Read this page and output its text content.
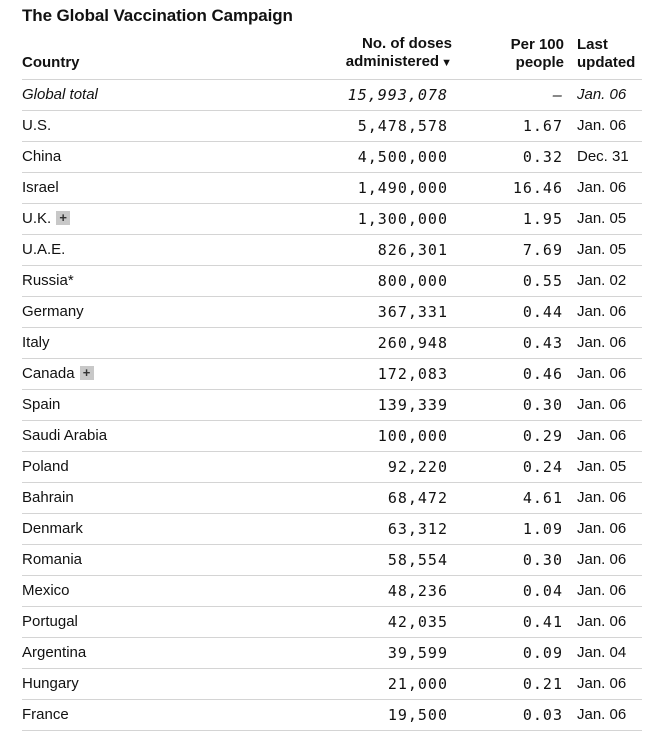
The Global Vaccination Campaign
Country
No. of doses
administered ▼
Per 100
people
Last
updated
Global total	15,993,078	– Jan. 06
U.S.	5,478,578	1.67 Jan. 06
China	4,500,000	0.32 Dec. 31
Israel	1,490,000	16.46 Jan. 06
U.K. +	1,300,000	1.95 Jan. 05
U.A.E.	826,301	7.69 Jan. 05
Russia*	800,000	0.55 Jan. 02
Germany	367,331	0.44 Jan. 06
Italy	260,948	0.43 Jan. 06
Canada +	172,083	0.46 Jan. 06
Spain	139,339	0.30 Jan. 06
Saudi Arabia	100,000	0.29 Jan. 06
Poland	92,220	0.24 Jan. 05
Bahrain	68,472	4.61 Jan. 06
Denmark	63,312	1.09 Jan. 06
Romania	58,554	0.30 Jan. 06
Mexico	48,236	0.04 Jan. 06
Portugal	42,035	0.41 Jan. 06
Argentina	39,599	0.09 Jan. 04
Hungary	21,000	0.21 Jan. 06
France	19,500	0.03 Jan. 06
